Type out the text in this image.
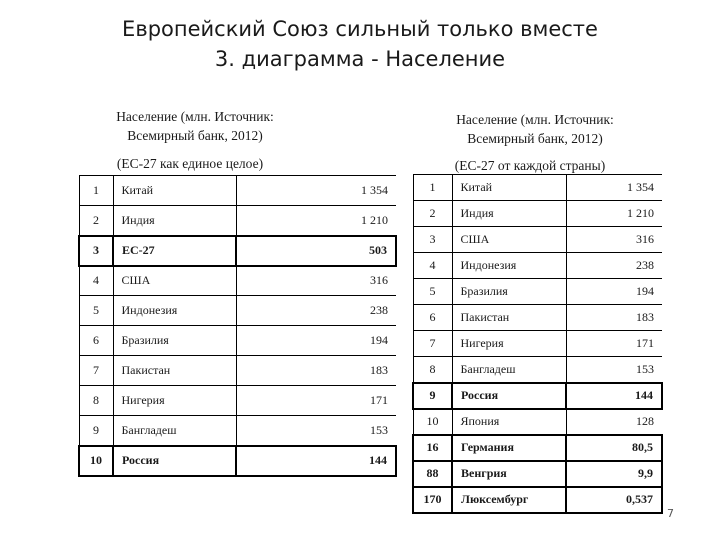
Европейский Союз сильный только вместе
3. диаграмма - Население
Население (млн. Источник:
Всемирный банк, 2012)
(ЕС-27 как единое целое)
Население (млн. Источник:
Всемирный банк, 2012)
(ЕС-27 от каждой страны)
1	Китай	1 354
2	Индия	1 210
3	ЕС-27	503
4	США	316
5	Индонезия	238
6	Бразилия	194
7	Пакистан	183
8	Нигерия	171
9	Бангладеш	153
10	Россия	144
1	Китай	1 354
2	Индия	1 210
3	США	316
4	Индонезия	238
5	Бразилия	194
6	Пакистан	183
7	Нигерия	171
8	Бангладеш	153
9	Россия	144
10	Япония	128
16	Германия	80,5
88	Венгрия	9,9
170	Люксембург	0,537
7
